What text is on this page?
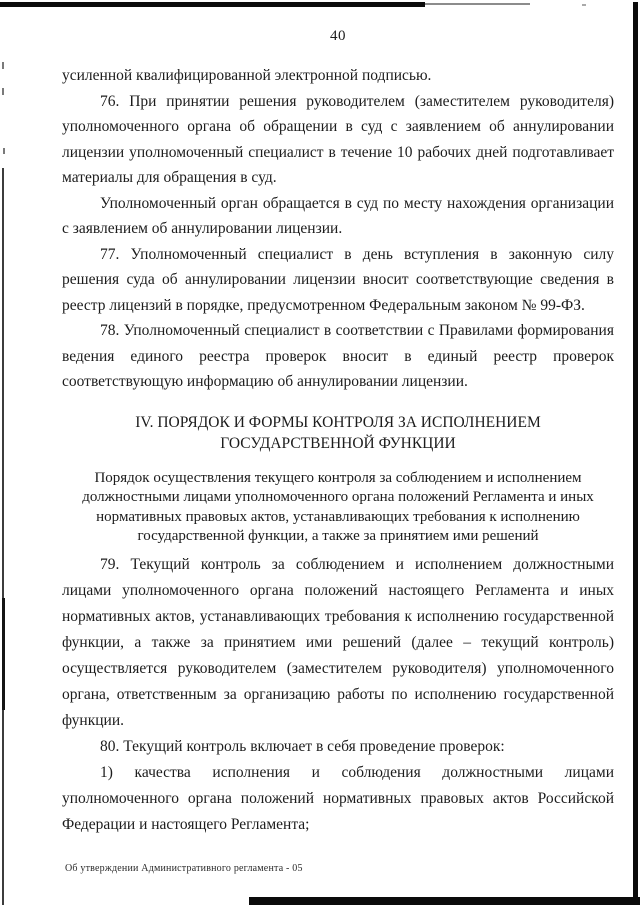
40

усиленной квалифицированной электронной подписью.

76. При принятии решения руководителем (заместителем руководителя) уполномоченного органа об обращении в суд с заявлением об аннулировании лицензии уполномоченный специалист в течение 10 рабочих дней подготавливает материалы для обращения в суд.

Уполномоченный орган обращается в суд по месту нахождения организации с заявлением об аннулировании лицензии.

77. Уполномоченный специалист в день вступления в законную силу решения суда об аннулировании лицензии вносит соответствующие сведения в реестр лицензий в порядке, предусмотренном Федеральным законом № 99-ФЗ.

78. Уполномоченный специалист в соответствии с Правилами формирования ведения единого реестра проверок вносит в единый реестр проверок соответствующую информацию об аннулировании лицензии.

IV. ПОРЯДОК И ФОРМЫ КОНТРОЛЯ ЗА ИСПОЛНЕНИЕМ
ГОСУДАРСТВЕННОЙ ФУНКЦИИ
Порядок осуществления текущего контроля за соблюдением и исполнением
должностными лицами уполномоченного органа положений Регламента и иных
нормативных правовых актов, устанавливающих требования к исполнению
государственной функции, а также за принятием ими решений

79. Текущий контроль за соблюдением и исполнением должностными лицами уполномоченного органа положений настоящего Регламента и иных нормативных актов, устанавливающих требования к исполнению государственной функции, а также за принятием ими решений (далее – текущий контроль) осуществляется руководителем (заместителем руководителя) уполномоченного органа, ответственным за организацию работы по исполнению государственной функции.

80. Текущий контроль включает в себя проведение проверок:

1) качества исполнения и соблюдения должностными лицами уполномоченного органа положений нормативных правовых актов Российской Федерации и настоящего Регламента;

Об утверждении Административного регламента - 05
